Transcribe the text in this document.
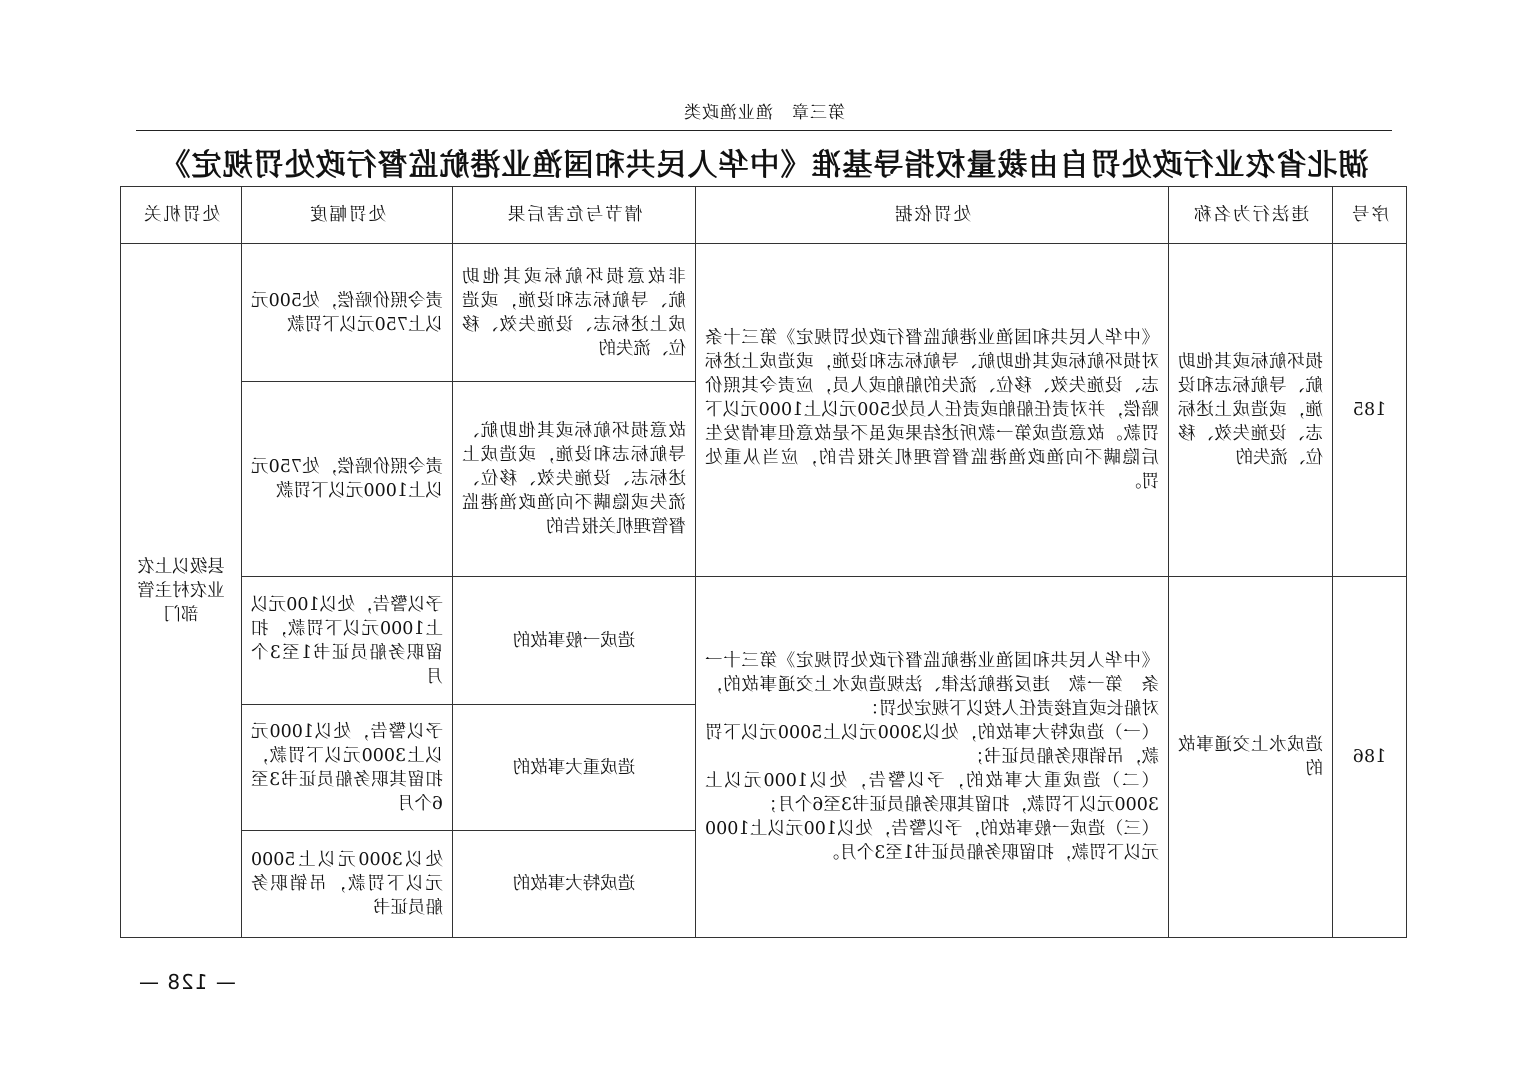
第三章　渔业渔政类
湖北省农业行政处罚自由裁量权指导基准《中华人民共和国渔业港航监督行政处罚规定》
序号	违法行为名称	处罚依据	情节与危害后果	处罚幅度	处罚机关
185	损坏航标或其他助航、导航标志和设施，或造成上述标志、设施失效、移位、流失的	《中华人民共和国渔业港航监督行政处罚规定》第三十条　对损坏航标或其他助航、导航标志和设施，或造成上述标志、设施失效、移位、流失的船舶或人员，应责令其照价赔偿，并对责任船舶或责任人员处500元以上1000元以下罚款。故意造成第一款所述结果或虽不是故意但事情发生后隐瞒不向渔政渔港监督管理机关报告的，应当从重处罚。	非故意损坏航标或其他助航、导航标志和设施，或造成上述标志、设施失效、移位、流失的	责令照价赔偿，处500元以上750元以下罚款	县级以上农业农村主管部门
			故意损坏航标或其他助航、导航标志和设施，或造成上述标志、设施失效、移位、流失或隐瞒不向渔政渔港监督管理机关报告的	责令照价赔偿，处750元以上1000元以下罚款	
186	造成水上交通事故的	《中华人民共和国渔业港航监督行政处罚规定》第三十一条　第一款　违反港航法律、法规造成水上交通事故的，对船长或直接责任人按以下规定处罚：
（一）造成特大事故的，处以3000元以上5000元以下罚款，吊销职务船员证书；
（二）造成重大事故的，予以警告，处以1000元以上3000元以下罚款，扣留其职务船员证书3至6个月；
（三）造成一般事故的，予以警告，处以100元以上1000元以下罚款，扣留职务船员证书1至3个月。	造成一般事故的	予以警告，处以100元以上1000元以下罚款，扣留职务船员证书1至3个月	
			造成重大事故的	予以警告，处以1000元以上3000元以下罚款，扣留其职务船员证书3至6个月	
			造成特大事故的	处以3000元以上5000元以下罚款，吊销职务船员证书	
— 128 —
